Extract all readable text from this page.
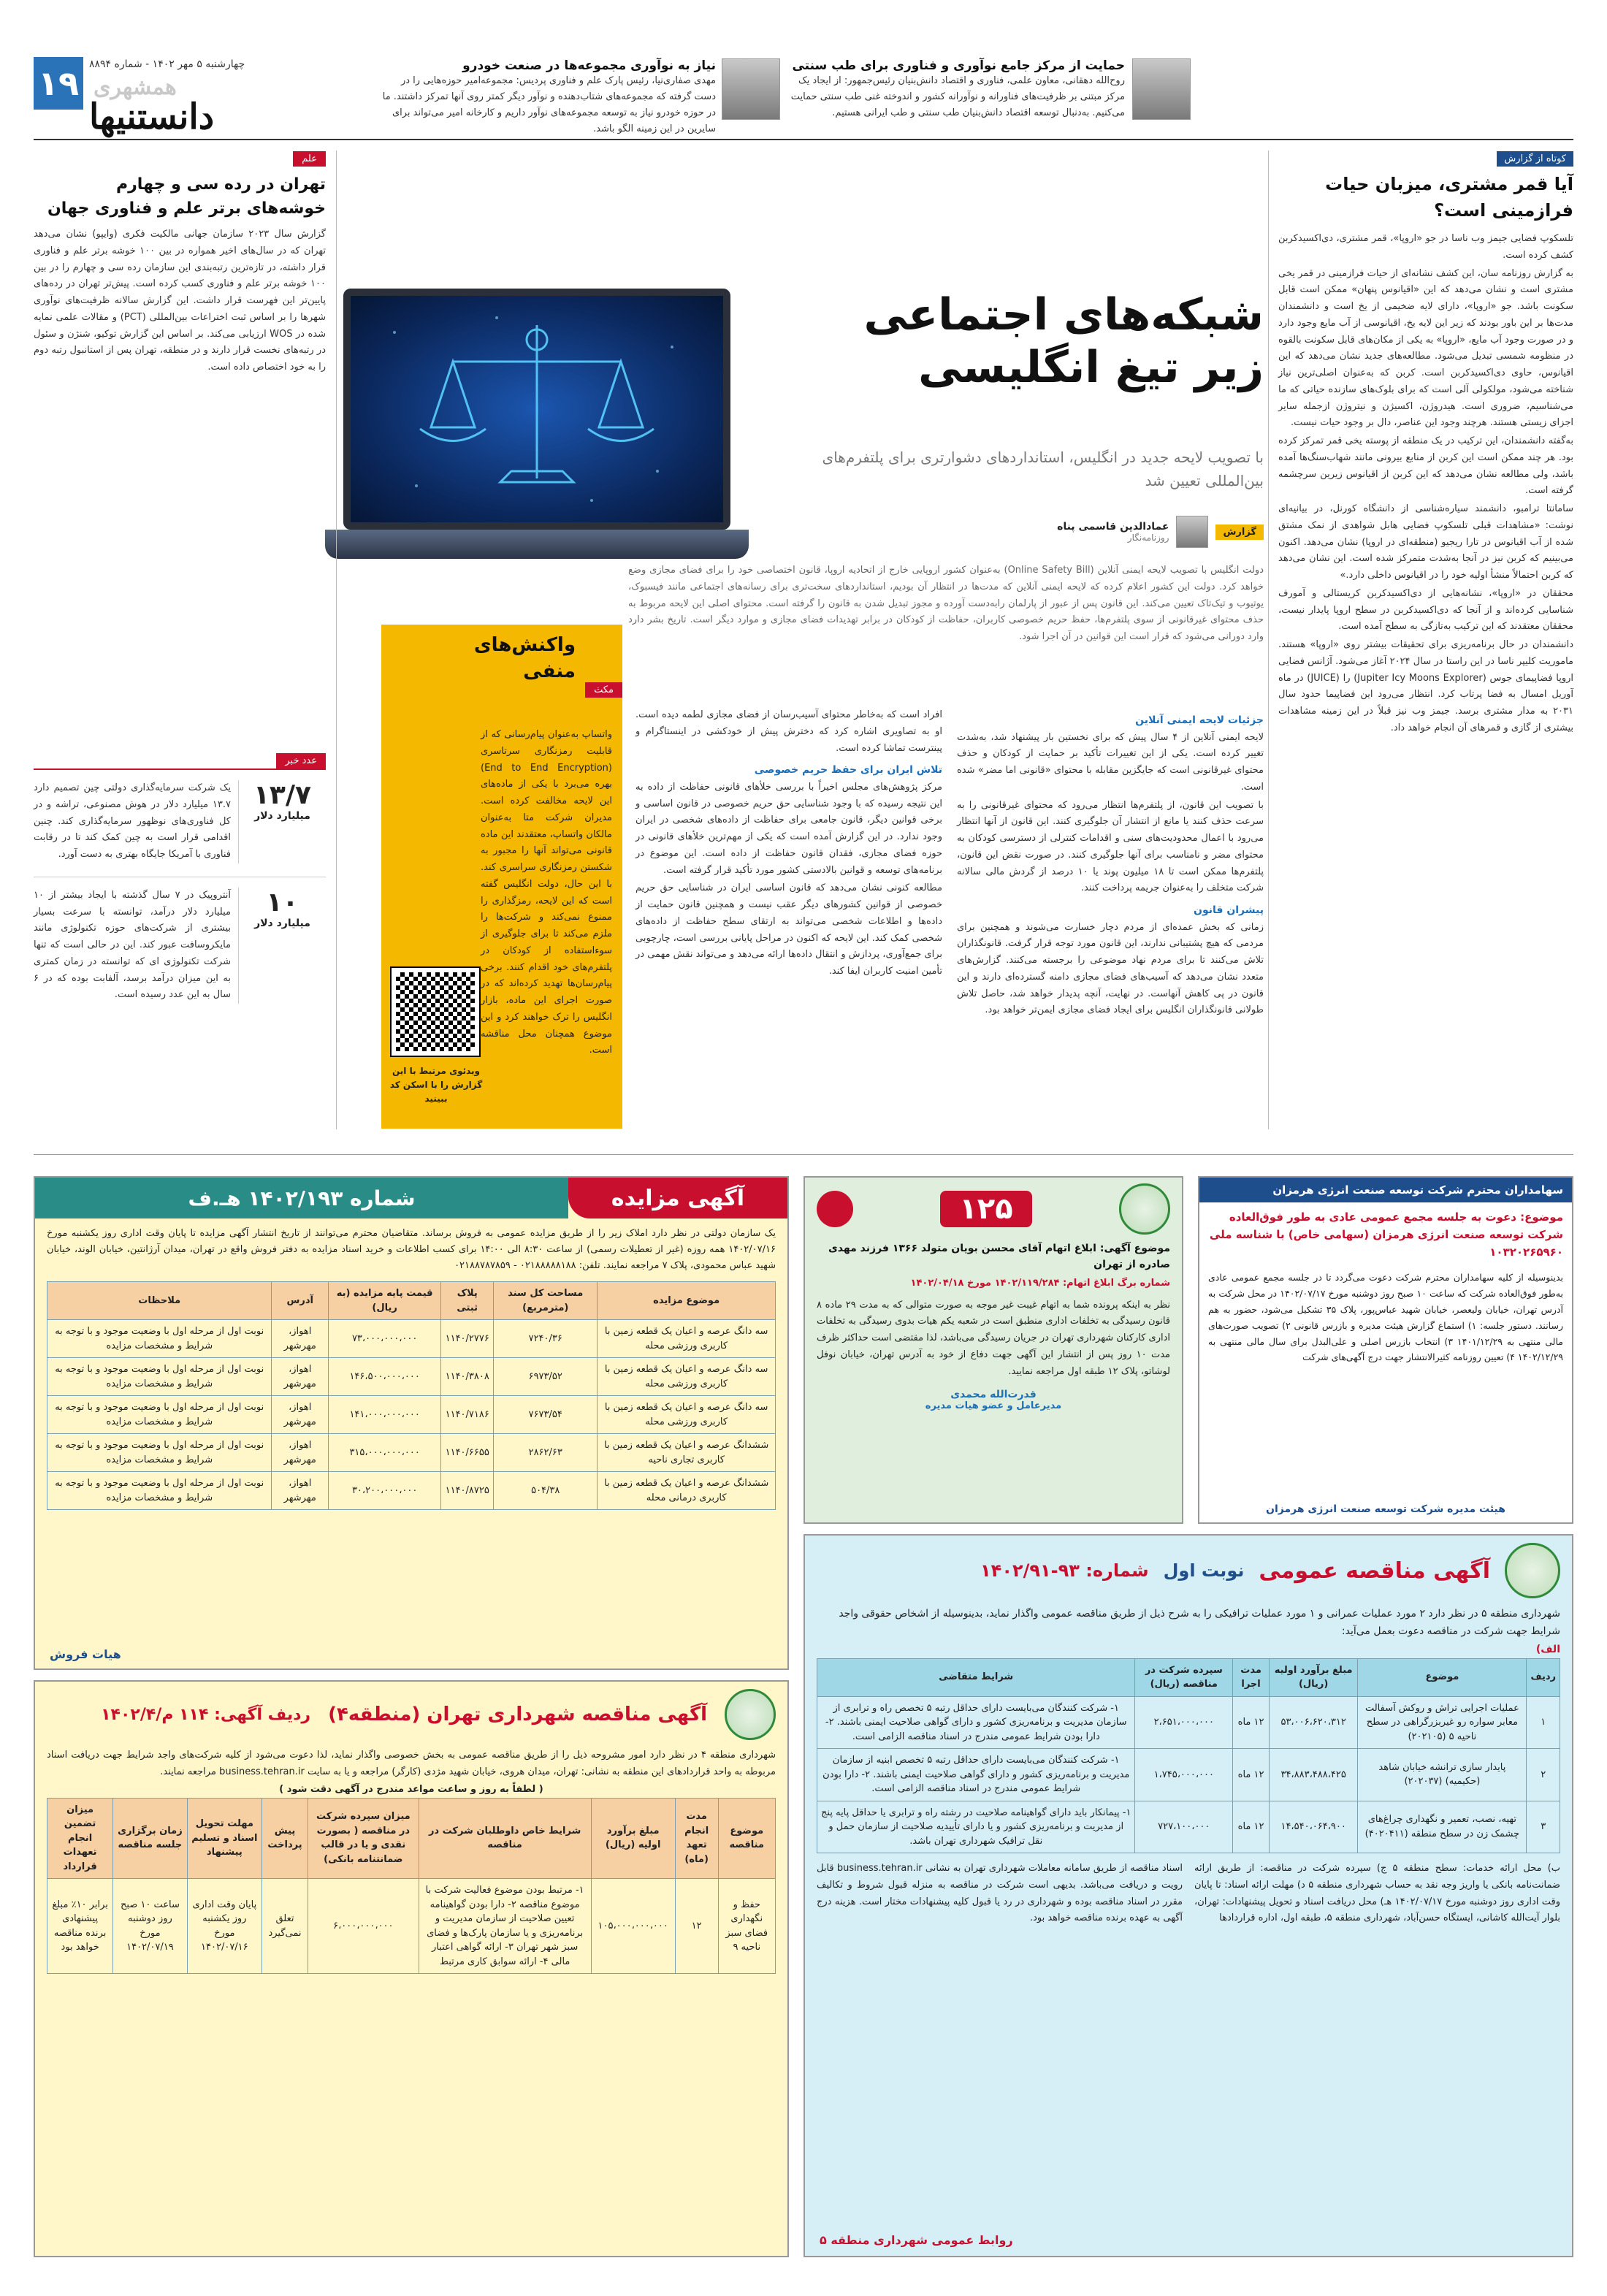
۱۹ چهارشنبه ۵ مهر ۱۴۰۲ - شماره ۸۸۹۴
همشهری
دانستنیها
حمایت از مرکز جامع نوآوری و فناوری برای طب سنتی
روح‌الله دهقانی، معاون علمی، فناوری و اقتصاد دانش‌بنیان رئیس‌جمهور: از ایجاد یک مرکز مبتنی بر ظرفیت‌های فناورانه و نوآورانه کشور و اندوخته غنی طب سنتی حمایت می‌کنیم. به‌دنبال توسعه اقتصاد دانش‌بنیان طب سنتی و طب ایرانی هستیم.
نیاز به نوآوری مجموعه‌ها در صنعت خودرو
مهدی صفاری‌نیا، رئیس پارک علم و فناوری پردیس: مجموعه‌امیر حوزه‌هایی را در دست گرفته که مجموعه‌های شتاب‌دهنده و نوآور دیگر کمتر روی آنها تمرکز داشتند. ما در حوزه خودرو نیاز به توسعه مجموعه‌های نوآور داریم و کارخانه امیر می‌تواند برای سایرین در این زمینه الگو باشد.
کوتاه از گزارش
آیا قمر مشتری، میزبان حیات فرازمینی است؟

تلسکوپ فضایی جیمز وب ناسا در جو «اروپا»، قمر مشتری، دی‌اکسیدکربن کشف کرده است.

به گزارش روزنامه سان، این کشف نشانه‌ای از حیات فرازمینی در قمر یخی مشتری است و نشان می‌دهد که این «اقیانوس پنهان» ممکن است قابل سکونت باشد. جو «اروپا»، دارای لایه ضخیمی از یخ است و دانشمندان مدت‌ها بر این باور بودند که زیر این لایه یخ، اقیانوسی از آب مایع وجود دارد و در صورت وجود آب مایع، «اروپا» به یکی از مکان‌های قابل سکونت بالقوه در منظومه شمسی تبدیل می‌شود. مطالعه‌های جدید نشان می‌دهد که این اقیانوس، حاوی دی‌اکسیدکربن است. کربن که به‌عنوان اصلی‌ترین نیاز شناخته می‌شود، مولکولی آلی است که برای بلوک‌های سازنده حیاتی که ما می‌شناسیم، ضروری است. هیدروژن، اکسیژن و نیتروژن ازجمله سایر اجزای زیستی هستند. هرچند وجود این عناصر، دال بر وجود حیات نیست.

به‌گفته دانشمندان، این ترکیب در یک منطقه از پوسته یخی قمر تمرکز کرده بود. هر چند ممکن است این کربن از منابع بیرونی مانند شهاب‌سنگ‌ها آمده باشد، ولی مطالعه نشان می‌دهد که این کربن از اقیانوس زیرین سرچشمه گرفته است.

سامانتا ترامبو، دانشمند سیاره‌شناسی از دانشگاه کورنل، در بیانیه‌ای نوشت: «مشاهدات قبلی تلسکوپ فضایی هابل شواهدی از نمک مشتق شده از آب اقیانوس در تارا ریجیو (منطقه‌ای در اروپا) نشان می‌دهد. اکنون می‌بینیم که کربن نیز در آنجا به‌شدت متمرکز شده است. این نشان می‌دهد که کربن احتمالاً منشأ اولیه خود را در اقیانوس داخلی دارد.»

محققان در «اروپا»، نشانه‌هایی از دی‌اکسیدکربن کریستالی و آمورف شناسایی کرده‌اند و از آنجا که دی‌اکسیدکربن در سطح اروپا پایدار نیست، محققان معتقدند که این ترکیب به‌تازگی به سطح آمده است.

دانشمندان در حال برنامه‌ریزی برای تحقیقات بیشتر روی «اروپا» هستند. ماموریت کلیپر ناسا در این راستا در سال ۲۰۲۴ آغاز می‌شود. آژانس فضایی اروپا فضاپیمای جوس (Jupiter Icy Moons Explorer) را (JUICE) در ماه آوریل امسال به فضا پرتاب کرد. انتظار می‌رود این فضاپیما حدود سال ۲۰۳۱ به مدار مشتری برسد. جیمز وب نیز قبلاً در این زمینه مشاهدات بیشتری از گازی و قمرهای آن انجام خواهد داد.

شبکه‌های اجتماعی
زیر تیغ انگلیسی
با تصویب لایحه جدید در انگلیس، استانداردهای دشوارتری برای پلتفرم‌های بین‌المللی تعیین شد
گزارش
عمادالدین قاسمی پناه
روزنامه‌نگار
دولت انگلیس با تصویب لایحه ایمنی آنلاین (Online Safety Bill) به‌عنوان کشور اروپایی خارج از اتحادیه اروپا، قانون اختصاصی خود را برای فضای مجازی وضع خواهد کرد. دولت این کشور اعلام کرده که لایحه ایمنی آنلاین که مدت‌ها در انتظار آن بودیم، استانداردهای سخت‌تری برای رسانه‌های اجتماعی مانند فیسبوک، یوتیوب و تیک‌تاک تعیین می‌کند. این قانون پس از عبور از پارلمان رابه‌دست آورده و مجوز تبدیل شدن به قانون را گرفته است. محتوای اصلی این لایحه مربوط به حذف محتوای غیرقانونی از سوی پلتفرم‌ها، حفظ حریم خصوصی کاربران، حفاظت از کودکان در برابر تهدیدات فضای مجازی و موارد دیگر است. تاریخ بشر دارد وارد دورانی می‌شود که قرار است این قوانین در آن اجرا شود.
جزئیات لایحه ایمنی آنلاین

لایحه ایمنی آنلاین از ۴ سال پیش که برای نخستین بار پیشنهاد شد، به‌شدت تغییر کرده است. یکی از این تغییرات تأکید بر حمایت از کودکان و حذف محتوای غیرقانونی است که جایگزین مقابله با محتوای «قانونی اما مضر» شده است.

با تصویب این قانون، از پلتفرم‌ها انتظار می‌رود که محتوای غیرقانونی را به سرعت حذف کنند یا مانع از انتشار آن جلوگیری کنند. این قانون از آنها انتظار می‌رود با اعمال محدودیت‌های سنی و اقدامات کنترلی از دسترسی کودکان به محتوای مضر و نامناسب برای آنها جلوگیری کنند. در صورت نقض این قانون، پلتفرم‌ها ممکن است تا ۱۸ میلیون پوند یا ۱۰ درصد از گردش مالی سالانه شرکت متخلف را به‌عنوان جریمه پرداخت کنند.

پیشران قانون

زمانی که بخش عمده‌ای از مردم دچار خسارت می‌شوند و همچنین برای مردمی که هیچ پشتیبانی ندارند، این قانون مورد توجه قرار گرفت. قانونگذاران تلاش می‌کنند تا برای مردم نهاد موضوعی را برجسته می‌کنند. گزارش‌های متعدد نشان می‌دهد که آسیب‌های فضای مجازی دامنه گسترده‌ای دارند و این قانون در پی کاهش آنهاست. در نهایت، آنچه پدیدار خواهد شد، حاصل تلاش طولانی قانونگذاران انگلیس برای ایجاد فضای مجازی ایمن‌تر خواهد بود.

افراد است که به‌خاطر محتوای آسیب‌رسان از فضای مجازی لطمه دیده است. او به تصاویری اشاره کرد که دخترش پیش از خودکشی در اینستاگرام و پینترست تماشا کرده است.

تلاش ایران برای حفظ حریم خصوصی

مرکز پژوهش‌های مجلس اخیراً با بررسی خلأهای قانونی حفاظت از داده به این نتیجه رسیده که با وجود شناسایی حق حریم خصوصی در قانون اساسی و برخی قوانین دیگر، قانون جامعی برای حفاظت از داده‌های شخصی در ایران وجود ندارد. در این گزارش آمده است که یکی از مهم‌ترین خلأهای قانونی در حوزه فضای مجازی، فقدان قانون حفاظت از داده است. این موضوع در برنامه‌های توسعه و قوانین بالادستی کشور مورد تأکید قرار گرفته است.

مطالعه کنونی نشان می‌دهد که قانون اساسی ایران در شناسایی حق حریم خصوصی از قوانین کشورهای دیگر عقب نیست و همچنین قانون حمایت از داده‌ها و اطلاعات شخصی می‌تواند به ارتقای سطح حفاظت از داده‌های شخصی کمک کند. این لایحه که اکنون در مراحل پایانی بررسی است، چارچوبی برای جمع‌آوری، پردازش و انتقال داده‌ها ارائه می‌دهد و می‌تواند نقش مهمی در تأمین امنیت کاربران ایفا کند.

مکث
واکنش‌های منفی
واتساپ به‌عنوان پیام‌رسانی که از قابلیت رمزنگاری سرتاسری (End to End Encryption) بهره می‌برد با یکی از ماده‌های این لایحه مخالفت کرده است. مدیران شرکت متا به‌عنوان مالکان واتساپ، معتقدند این ماده قانونی می‌تواند آنها را مجبور به شکستن رمزنگاری سراسری کند. با این حال، دولت انگلیس گفته است که این لایحه، رمزگذاری را ممنوع نمی‌کند و شرکت‌ها را ملزم می‌کند تا برای جلوگیری از سوءاستفاده از کودکان در پلتفرم‌های خود اقدام کنند. برخی پیام‌رسان‌ها تهدید کرده‌اند که در صورت اجرای این ماده، بازار انگلیس را ترک خواهند کرد و این موضوع همچنان محل مناقشه است.
ویدئوی مرتبط با این گزارش را با اسکن کد ببینید
علم
تهران در رده سی و چهارم خوشه‌های برتر علم و فناوری جهان
گزارش سال ۲۰۲۳ سازمان جهانی مالکیت فکری (وایپو) نشان می‌دهد تهران که در سال‌های اخیر همواره در بین ۱۰۰ خوشه برتر علم و فناوری قرار داشته، در تازه‌ترین رتبه‌بندی این سازمان رده سی و چهارم را در بین ۱۰۰ خوشه برتر علم و فناوری کسب کرده است. پیش‌تر تهران در رده‌های پایین‌تر این فهرست قرار داشت. این گزارش سالانه ظرفیت‌های نوآوری شهرها را بر اساس ثبت اختراعات بین‌المللی (PCT) و مقالات علمی نمایه شده در WOS ارزیابی می‌کند. بر اساس این گزارش توکیو، شنژن و سئول در رتبه‌های نخست قرار دارند و در منطقه، تهران پس از استانبول رتبه دوم را به خود اختصاص داده است.
عدد خبر
۱۳/۷
میلیارد دلار
یک شرکت سرمایه‌گذاری دولتی چین تصمیم دارد ۱۳.۷ میلیارد دلار در هوش مصنوعی، تراشه و در کل فناوری‌های نوظهور سرمایه‌گذاری کند. چنین اقدامی قرار است به چین کمک کند تا در رقابت فناوری با آمریکا جایگاه بهتری به دست آورد.
۱۰
میلیارد دلار
آنتروپیک در ۷ سال گذشته با ایجاد بیشتر از ۱۰ میلیارد دلار درآمد، توانسته با سرعت بسیار بیشتری از شرکت‌های حوزه تکنولوژی مانند مایکروسافت عبور کند. این در حالی است که تنها شرکت تکنولوژی ای که توانسته در زمان کمتری به این میزان درآمد برسد، آلفابت بوده که در ۶ سال به این عدد رسیده است.
آگهی مزایده
شماره ۱۴۰۲/۱۹۳ هـ.ف
یک سازمان دولتی در نظر دارد املاک زیر را از طریق مزایده عمومی به فروش برساند. متقاضیان محترم می‌توانند از تاریخ انتشار آگهی مزایده تا پایان وقت اداری روز یکشنبه مورخ ۱۴۰۲/۰۷/۱۶ همه روزه (غیر از تعطیلات رسمی) از ساعت ۸:۳۰ الی ۱۴:۰۰ برای کسب اطلاعات و خرید اسناد مزایده به دفتر فروش واقع در تهران، میدان آرژانتین، خیابان الوند، خیابان شهید عباس محمودی، پلاک ۷ مراجعه نمایند. تلفن: ۰۲۱۸۸۸۸۸۱۸۸ - ۰۲۱۸۸۷۸۷۸۵۹
موضوع مزایده	مساحت کل سند (مترمربع)	پلاک ثبتی	قیمت پایه مزایده (به ریال)	آدرس	ملاحظات
سه دانگ عرصه و اعیان یک قطعه زمین با کاربری ورزشی محله	۷۲۴۰/۳۶	۱۱۴۰/۲۷۷۶	۷۳،۰۰۰،۰۰۰،۰۰۰	اهواز، مهرشهر	نوبت اول از مرحله اول با وضعیت موجود و با توجه به شرایط و مشخصات مزایده
سه دانگ عرصه و اعیان یک قطعه زمین با کاربری ورزشی محله	۶۹۷۳/۵۲	۱۱۴۰/۳۸۰۸	۱۴۶،۵۰۰،۰۰۰،۰۰۰	اهواز، مهرشهر	نوبت اول از مرحله اول با وضعیت موجود و با توجه به شرایط و مشخصات مزایده
سه دانگ عرصه و اعیان یک قطعه زمین با کاربری ورزشی محله	۷۶۷۳/۵۴	۱۱۴۰/۷۱۸۶	۱۴۱،۰۰۰،۰۰۰،۰۰۰	اهواز، مهرشهر	نوبت اول از مرحله اول با وضعیت موجود و با توجه به شرایط و مشخصات مزایده
ششدانگ عرصه و اعیان یک قطعه زمین با کاربری تجاری ناحیه	۲۸۶۲/۶۳	۱۱۴۰/۶۶۵۵	۳۱۵،۰۰۰،۰۰۰،۰۰۰	اهواز، مهرشهر	نوبت اول از مرحله اول با وضعیت موجود و با توجه به شرایط و مشخصات مزایده
ششدانگ عرصه و اعیان یک قطعه زمین با کاربری درمانی محله	۵۰۴/۳۸	۱۱۴۰/۸۷۲۵	۳۰،۲۰۰،۰۰۰،۰۰۰	اهواز، مهرشهر	نوبت اول از مرحله اول با وضعیت موجود و با توجه به شرایط و مشخصات مزایده
هیات فروش
۱۲۵
موضوع آگهی: ابلاغ اتهام آقای محسن بویان متولد ۱۳۶۶ فرزند مهدی صادره از تهران
شماره برگ ابلاغ اتهام: ۱۴۰۲/۱۱۹/۲۸۴ مورخ ۱۴۰۲/۰۴/۱۸
نظر به اینکه پرونده شما به اتهام غیبت غیر موجه به صورت متوالی که به مدت ۲۹ ماده ۸ قانون رسیدگی به تخلفات اداری منطبق است در شعبه یکم هیات بدوی رسیدگی به تخلفات اداری کارکنان شهرداری تهران در جریان رسیدگی می‌باشد، لذا مقتضی است حداکثر ظرف مدت ۱۰ روز پس از انتشار این آگهی جهت دفاع از خود به آدرس تهران، خیابان نوفل لوشاتو، پلاک ۱۲ طبقه اول مراجعه نمایید.
قدرت‌الله محمدی
مدیرعامل و عضو هیات مدیره
سهامداران محترم شرکت توسعه صنعت انرژی هرمزان
موضوع: دعوت به جلسه مجمع عمومی عادی به طور فوق‌العاده شرکت توسعه صنعت انرژی هرمزان (سهامی خاص) با شناسه ملی ۱۰۳۲۰۲۶۵۹۶۰
بدینوسیله از کلیه سهامداران محترم شرکت دعوت می‌گردد تا در جلسه مجمع عمومی عادی به‌طور فوق‌العاده شرکت که ساعت ۱۰ صبح روز دوشنبه مورخ ۱۴۰۲/۰۷/۱۷ در محل شرکت به آدرس تهران، خیابان ولیعصر، خیابان شهید عباس‌پور، پلاک ۳۵ تشکیل می‌شود، حضور به هم رسانند. دستور جلسه: ۱) استماع گزارش هیئت مدیره و بازرس قانونی ۲) تصویب صورت‌های مالی منتهی به ۱۴۰۱/۱۲/۲۹ ۳) انتخاب بازرس اصلی و علی‌البدل برای سال مالی منتهی به ۱۴۰۲/۱۲/۲۹ ۴) تعیین روزنامه کثیرالانتشار جهت درج آگهی‌های شرکت
هیئت مدیره شرکت توسعه صنعت انرژی هرمزان
آگهی مناقصه عمومی
نوبت اول
شماره: ۹۳-۱۴۰۲/۹۱
شهرداری منطقه ۵ در نظر دارد ۲ مورد عملیات عمرانی و ۱ مورد عملیات ترافیکی را به شرح ذیل از طریق مناقصه عمومی واگذار نماید، بدینوسیله از اشخاص حقوقی واجد شرایط جهت شرکت در مناقصه دعوت بعمل می‌آید:
الف)
ردیف	موضوع	مبلغ برآورد اولیه (ریال)	مدت اجرا	سپرده شرکت در مناقصه (ریال)	شرایط متقاضی
۱	عملیات اجرایی تراش و روکش آسفالت معابر سواره رو غیربزرگراهی در سطح ناحیه ۵ (۲۰۲۱۰۵)	۵۳،۰۰۶،۶۲۰،۳۱۲	۱۲ ماه	۲،۶۵۱،۰۰۰،۰۰۰	۱- شرکت کنندگان می‌بایست دارای حداقل رتبه ۵ تخصص راه و ترابری از سازمان مدیریت و برنامه‌ریزی کشور و دارای گواهی صلاحیت ایمنی باشند. ۲- دارا بودن شرایط عمومی مندرج در اسناد مناقصه الزامی است.
۲	پایدار سازی ترانشه خیابان شاهد (حکیمیه) (۲۰۲۰۳۷)	۳۴،۸۸۳،۴۸۸،۴۲۵	۱۲ ماه	۱،۷۴۵،۰۰۰،۰۰۰	۱- شرکت کنندگان می‌بایست دارای حداقل رتبه ۵ تخصص ابنیه از سازمان مدیریت و برنامه‌ریزی کشور و دارای گواهی صلاحیت ایمنی باشند. ۲- دارا بودن شرایط عمومی مندرج در اسناد مناقصه الزامی است.
۳	تهیه، نصب، تعمیر و نگهداری چراغ‌های چشمک زن در سطح منطقه (۴۰۲۰۴۱۱)	۱۴،۵۴۰،۰۶۴،۹۰۰	۱۲ ماه	۷۲۷،۱۰۰،۰۰۰	۱- پیمانکار باید دارای گواهینامه صلاحیت در رشته راه و ترابری یا حداقل پایه پنج از مدیریت و برنامه‌ریزی کشور و یا دارای تأییدیه صلاحیت از سازمان حمل و نقل ترافیک شهرداری تهران باشد.
ب) محل ارائه خدمات: سطح منطقه ۵ ج) سپرده شرکت در مناقصه: از طریق ارائه ضمانت‌نامه بانکی یا واریز وجه نقد به حساب شهرداری منطقه ۵ د) مهلت ارائه اسناد: تا پایان وقت اداری روز دوشنبه مورخ ۱۴۰۲/۰۷/۱۷ هـ) محل دریافت اسناد و تحویل پیشنهادات: تهران، بلوار آیت‌الله کاشانی، ایستگاه حسن‌آباد، شهرداری منطقه ۵، طبقه اول، اداره قراردادها
اسناد مناقصه از طریق سامانه معاملات شهرداری تهران به نشانی business.tehran.ir قابل رویت و دریافت می‌باشد. بدیهی است شرکت در مناقصه به منزله قبول شروط و تکالیف مقرر در اسناد مناقصه بوده و شهرداری در رد یا قبول کلیه پیشنهادات مختار است. هزینه درج آگهی به عهده برنده مناقصه خواهد بود.
روابط عمومی شهرداری منطقه ۵
آگهی مناقصه شهرداری تهران (منطقه۴)
ردیف آگهی: ۱۱۴ م/۱۴۰۲/۴
شهرداری منطقه ۴ در نظر دارد امور مشروحه ذیل را از طریق مناقصه عمومی به بخش خصوصی واگذار نماید، لذا دعوت می‌شود از کلیه شرکت‌های واجد شرایط جهت دریافت اسناد مربوطه به واحد قراردادهای این منطقه به نشانی: تهران، میدان هروی، خیابان شهید مژدی (کارگر) مراجعه و یا به سایت business.tehran.ir مراجعه نمایند.
( لطفاً به روز و ساعت مواعد مندرج در آگهی دقت شود )
موضوع مناقصه	مدت انجام تعهد (ماه)	مبلغ برآورد اولیه (ریال)	شرایط خاص داوطلبان شرکت در مناقصه	میزان سپرده شرکت در مناقصه ( بصورت نقدی و یا در قالب ضمانتنامه بانکی)	پیش پرداخت	مهلت تحویل اسناد و تسلیم پیشنهاد	زمان برگزاری جلسه مناقصه	میزان تضمین انجام تعهدات قرارداد
حفظ و نگهداری فضای سبز ناحیه ۹	۱۲	۱۰۵،۰۰۰،۰۰۰،۰۰۰	۱- مرتبط بودن موضوع فعالیت شرکت با موضوع مناقصه ۲- دارا بودن گواهینامه تعیین صلاحیت از سازمان مدیریت و برنامه‌ریزی و یا سازمان پارک‌ها و فضای سبز شهر تهران ۳- ارائه گواهی اعتبار مالی ۴- ارائه سوابق کاری مرتبط	۶،۰۰۰،۰۰۰،۰۰۰	تعلق نمی‌گیرد	پایان وقت اداری روز یکشنبه مورخ ۱۴۰۲/۰۷/۱۶	ساعت ۱۰ صبح روز دوشنبه مورخ ۱۴۰۲/۰۷/۱۹	برابر ۱۰٪ مبلغ پیشنهادی برنده مناقصه خواهد بود
